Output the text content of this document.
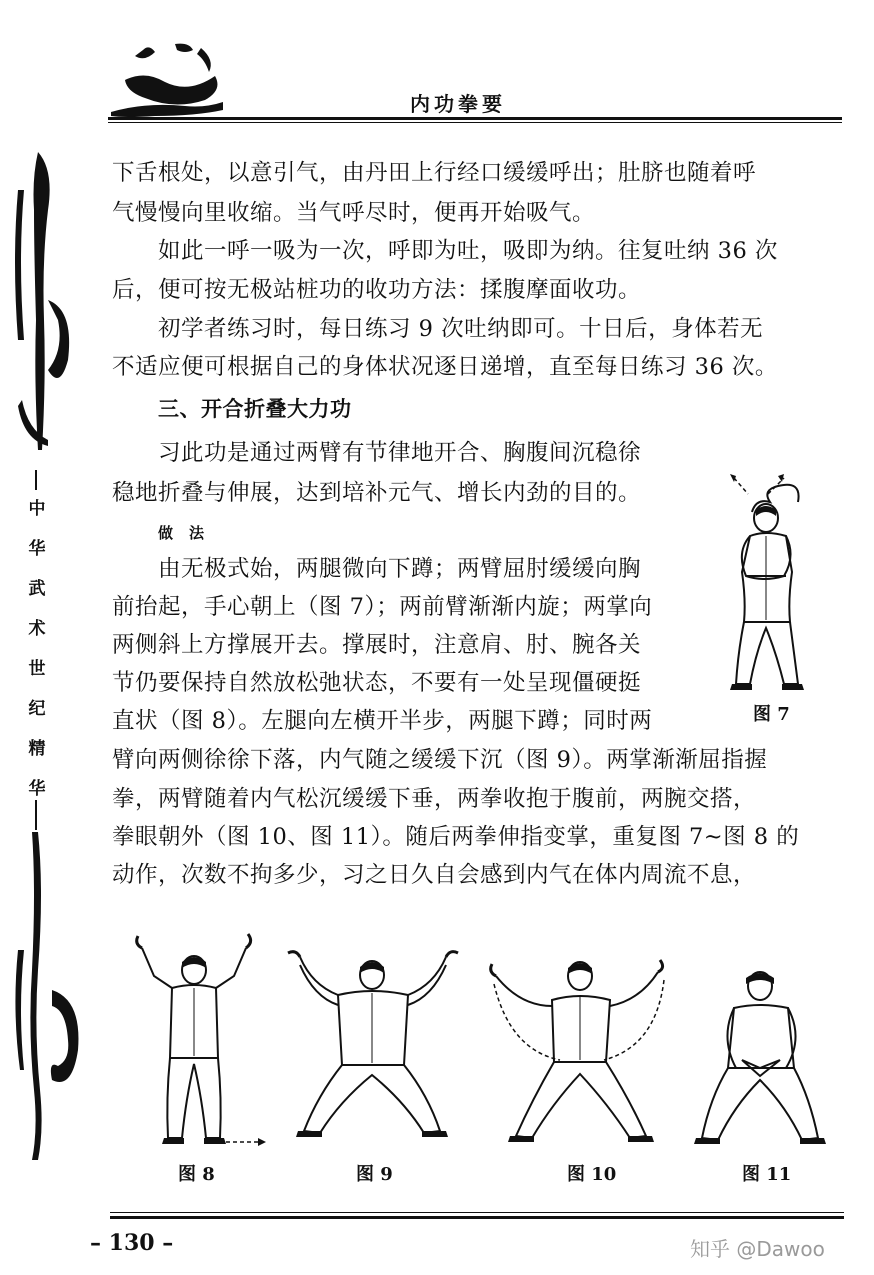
内功拳要
中
华
武
术
世
纪
精
华
下舌根处，以意引气，由丹田上行经口缓缓呼出；肚脐也随着呼
气慢慢向里收缩。当气呼尽时，便再开始吸气。
如此一呼一吸为一次，呼即为吐，吸即为纳。往复吐纳 36 次
后，便可按无极站桩功的收功方法：揉腹摩面收功。
初学者练习时，每日练习 9 次吐纳即可。十日后，身体若无
不适应便可根据自己的身体状况逐日递增，直至每日练习 36 次。
三、开合折叠大力功
习此功是通过两臂有节律地开合、胸腹间沉稳徐
稳地折叠与伸展，达到培补元气、增长内劲的目的。
做　法
由无极式始，两腿微向下蹲；两臂屈肘缓缓向胸
前抬起，手心朝上（图 7）；两前臂渐渐内旋；两掌向
两侧斜上方撑展开去。撑展时，注意肩、肘、腕各关
节仍要保持自然放松弛状态，不要有一处呈现僵硬挺
直状（图 8）。左腿向左横开半步，两腿下蹲；同时两
臂向两侧徐徐下落，内气随之缓缓下沉（图 9）。两掌渐渐屈指握
拳，两臂随着内气松沉缓缓下垂，两拳收抱于腹前，两腕交搭，
拳眼朝外（图 10、图 11）。随后两拳伸指变掌，重复图 7~图 8 的
动作，次数不拘多少，习之日久自会感到内气在体内周流不息，
图 7
图 8	图 9	图 10	图 11
– 130 –	知乎 @Dawoo
